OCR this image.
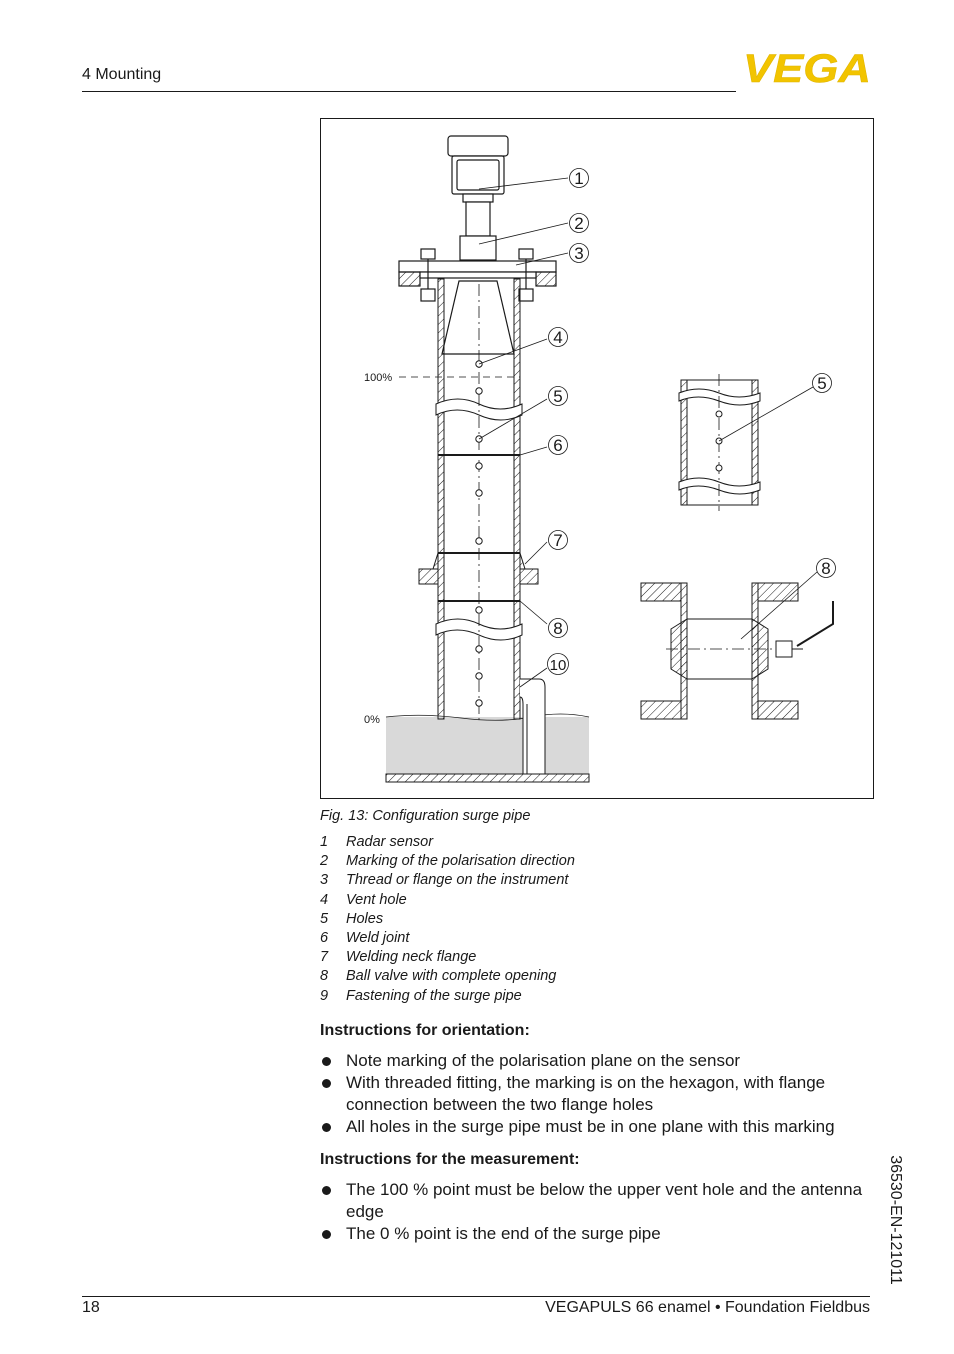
4 Mounting	VEGA
100%
0%
1
2
3
4
5
6
7
8
10
5
8
Fig. 13: Configuration surge pipe
1 Radar sensor
2 Marking of the polarisation direction
3 Thread or flange on the instrument
4 Vent hole
5 Holes
6 Weld joint
7 Welding neck flange
8 Ball valve with complete opening
9 Fastening of the surge pipe
Instructions for orientation:
Note marking of the polarisation plane on the sensor
With threaded fitting, the marking is on the hexagon, with flange connection between the two flange holes
All holes in the surge pipe must be in one plane with this marking
Instructions for the measurement:
The 100 % point must be below the upper vent hole and the antenna edge
The 0 % point is the end of the surge pipe	36530-EN-121011
18	VEGAPULS 66 enamel • Foundation Fieldbus
